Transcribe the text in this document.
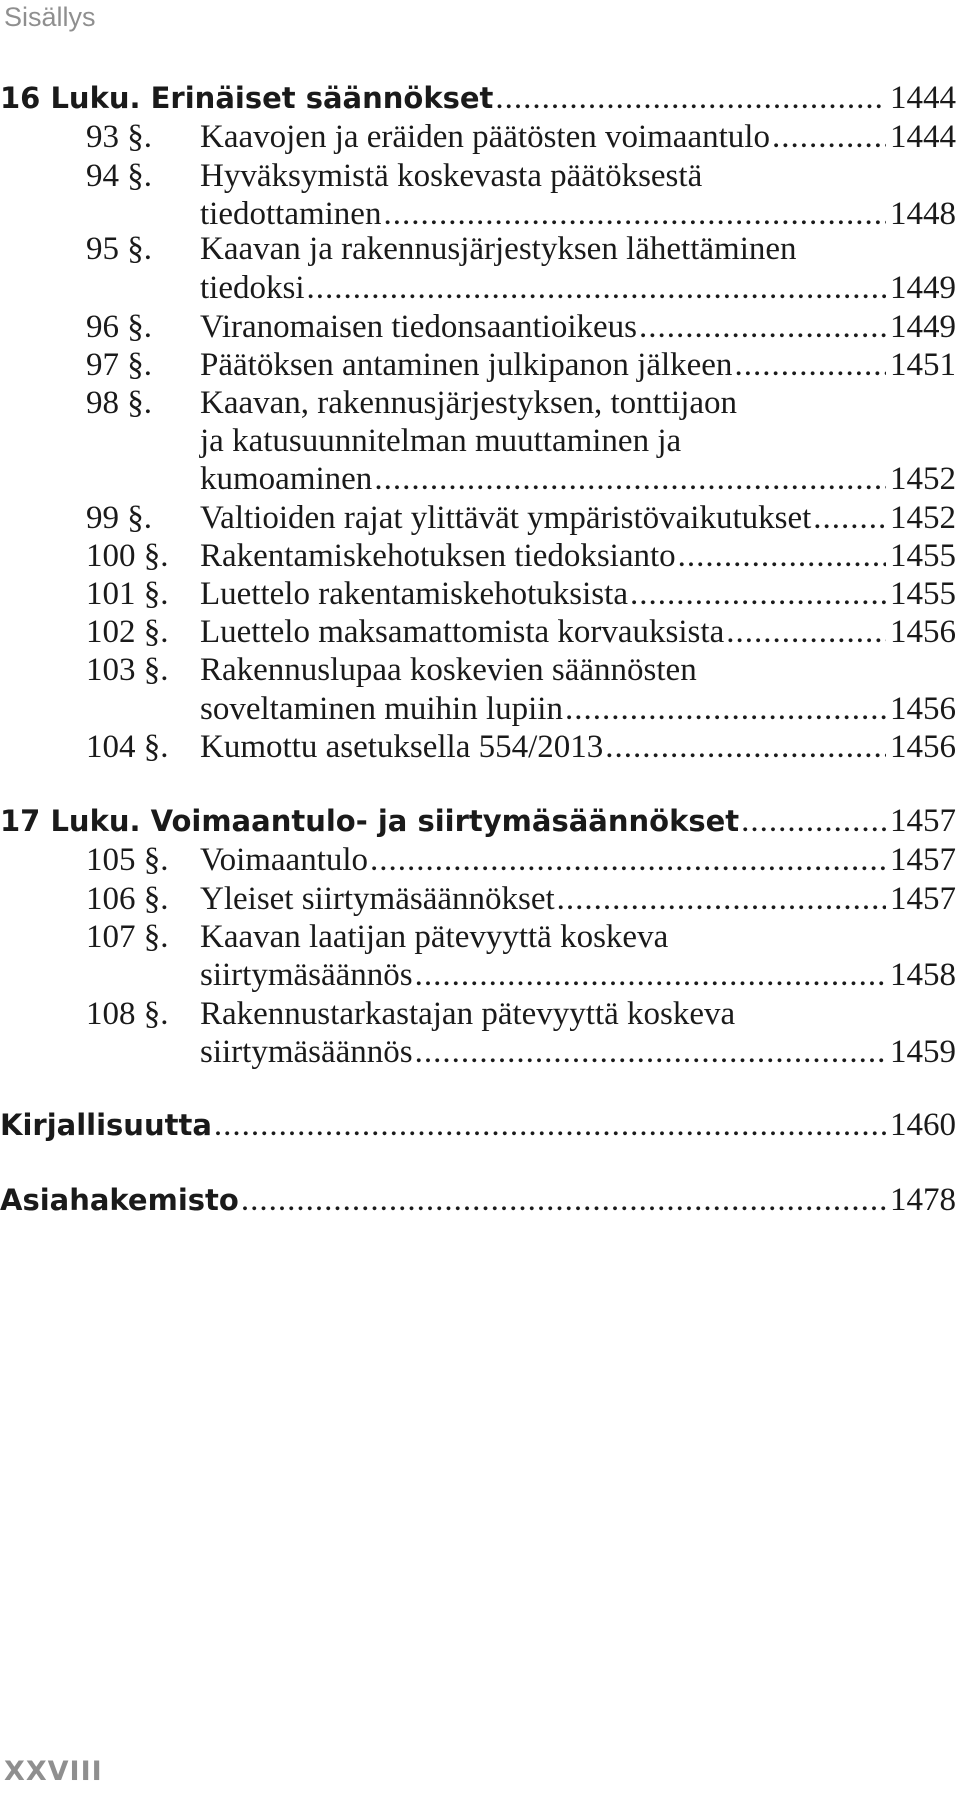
Sisällys
16 Luku. Erinäiset säännökset .....	1444
93 §.	Kaavojen ja eräiden päätösten voimaantulo .....	1444
94 §.	Hyväksymistä koskevasta päätöksestä
tiedottaminen .....	1448
95 §.	Kaavan ja rakennusjärjestyksen lähettäminen
tiedoksi .....	1449
96 §.	Viranomaisen tiedonsaantioikeus .....	1449
97 §.	Päätöksen antaminen julkipanon jälkeen .....	1451
98 §.	Kaavan, rakennusjärjestyksen, tonttijaon
ja katusuunnitelman muuttaminen ja
kumoaminen .....	1452
99 §.	Valtioiden rajat ylittävät ympäristövaikutukset ..... 1452
100 §. Rakentamiskehotuksen tiedoksianto .....	1455
101 §. Luettelo rakentamiskehotuksista .....	1455
102 §. Luettelo maksamattomista korvauksista .....	1456
103 §. Rakennuslupaa koskevien säännösten
soveltaminen muihin lupiin .....	1456
104 §. Kumottu asetuksella 554/2013 .....	1456
17 Luku. Voimaantulo- ja siirtymäsäännökset .....	1457
105 §. Voimaantulo .....	1457
106 §. Yleiset siirtymäsäännökset .....	1457
107 §. Kaavan laatijan pätevyyttä koskeva
siirtymäsäännös .....	1458
108 §. Rakennustarkastajan pätevyyttä koskeva
siirtymäsäännös .....	1459
Kirjallisuutta .....	1460
Asiahakemisto .....	1478
XXVIII
